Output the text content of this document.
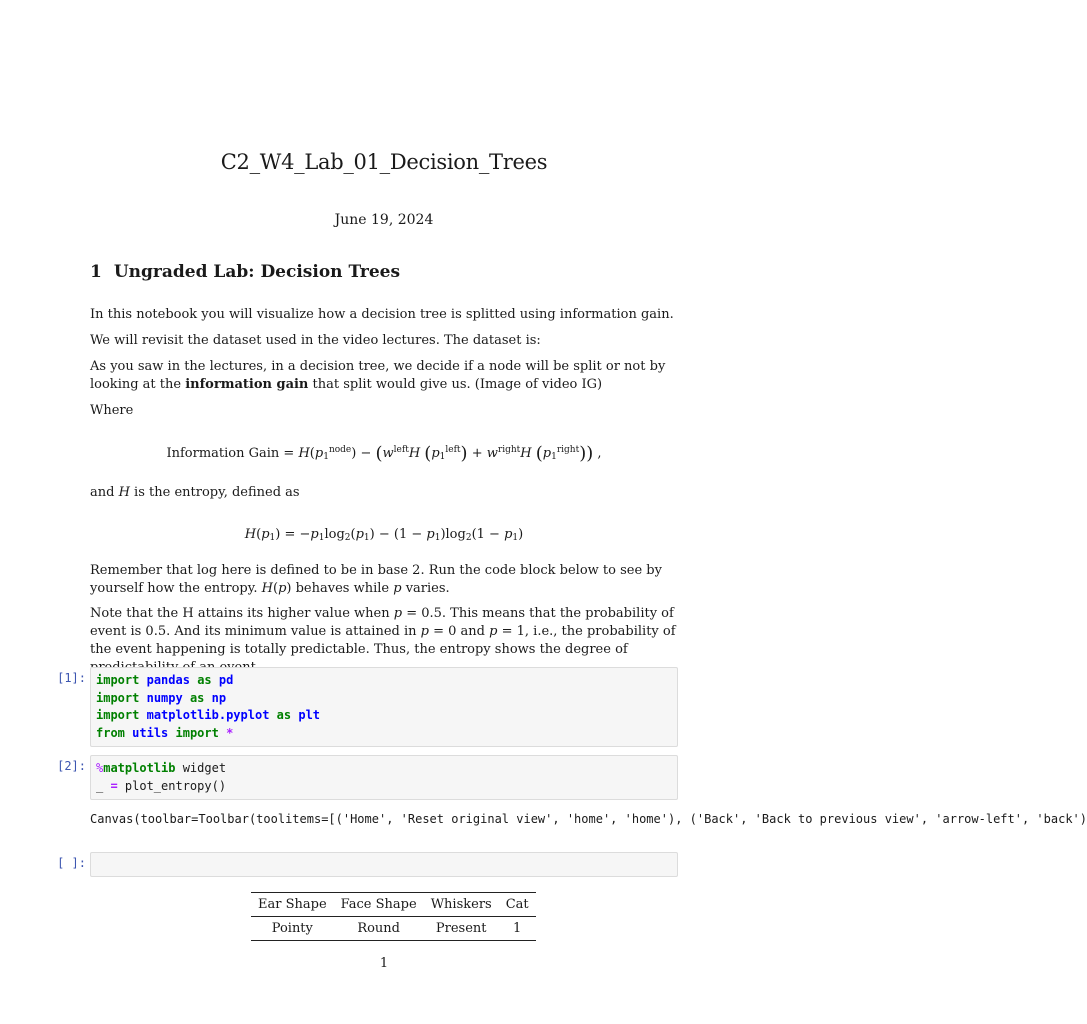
C2_W4_Lab_01_Decision_Trees
June 19, 2024
1 Ungraded Lab: Decision Trees
In this notebook you will visualize how a decision tree is splitted using information gain.
We will revisit the dataset used in the video lectures. The dataset is:
As you saw in the lectures, in a decision tree, we decide if a node will be split or not by looking at the information gain that split would give us. (Image of video IG)
Where
Information Gain = $H(p_1^{node}) - (w^{left}H$ $(p_1^{left}) + w^{right}H$ $(p_1^{right})$) ,
and H is the entropy, defined as
$H(p_1) = -p_1\log_2(p_1) - (1 - p_1)\log_2(1 - p_1)$
Remember that log here is defined to be in base 2. Run the code block below to see by yourself how the entropy. H(p) behaves while p varies.
Note that the H attains its higher value when p = 0.5. This means that the probability of event is 0.5. And its minimum value is attained in p = 0 and p = 1, i.e., the probability of the event happening is totally predictable. Thus, the entropy shows the degree of
[1]: import pandas as pd
import numpy as np
import matplotlib.pyplot as plt
from utils import *
[2]: %matplotlib widget
_ = plot_entropy()
Canvas(toolbar=Toolbar(toolitems=[('Home', 'Reset original view', 'home', 'home'), ('Back', 'Back to previous view', 'arrow-left', 'back')
[ ]:
Ear Shape	Face Shape	Whiskers	Cat
Pointy	Round	Present	1
1
